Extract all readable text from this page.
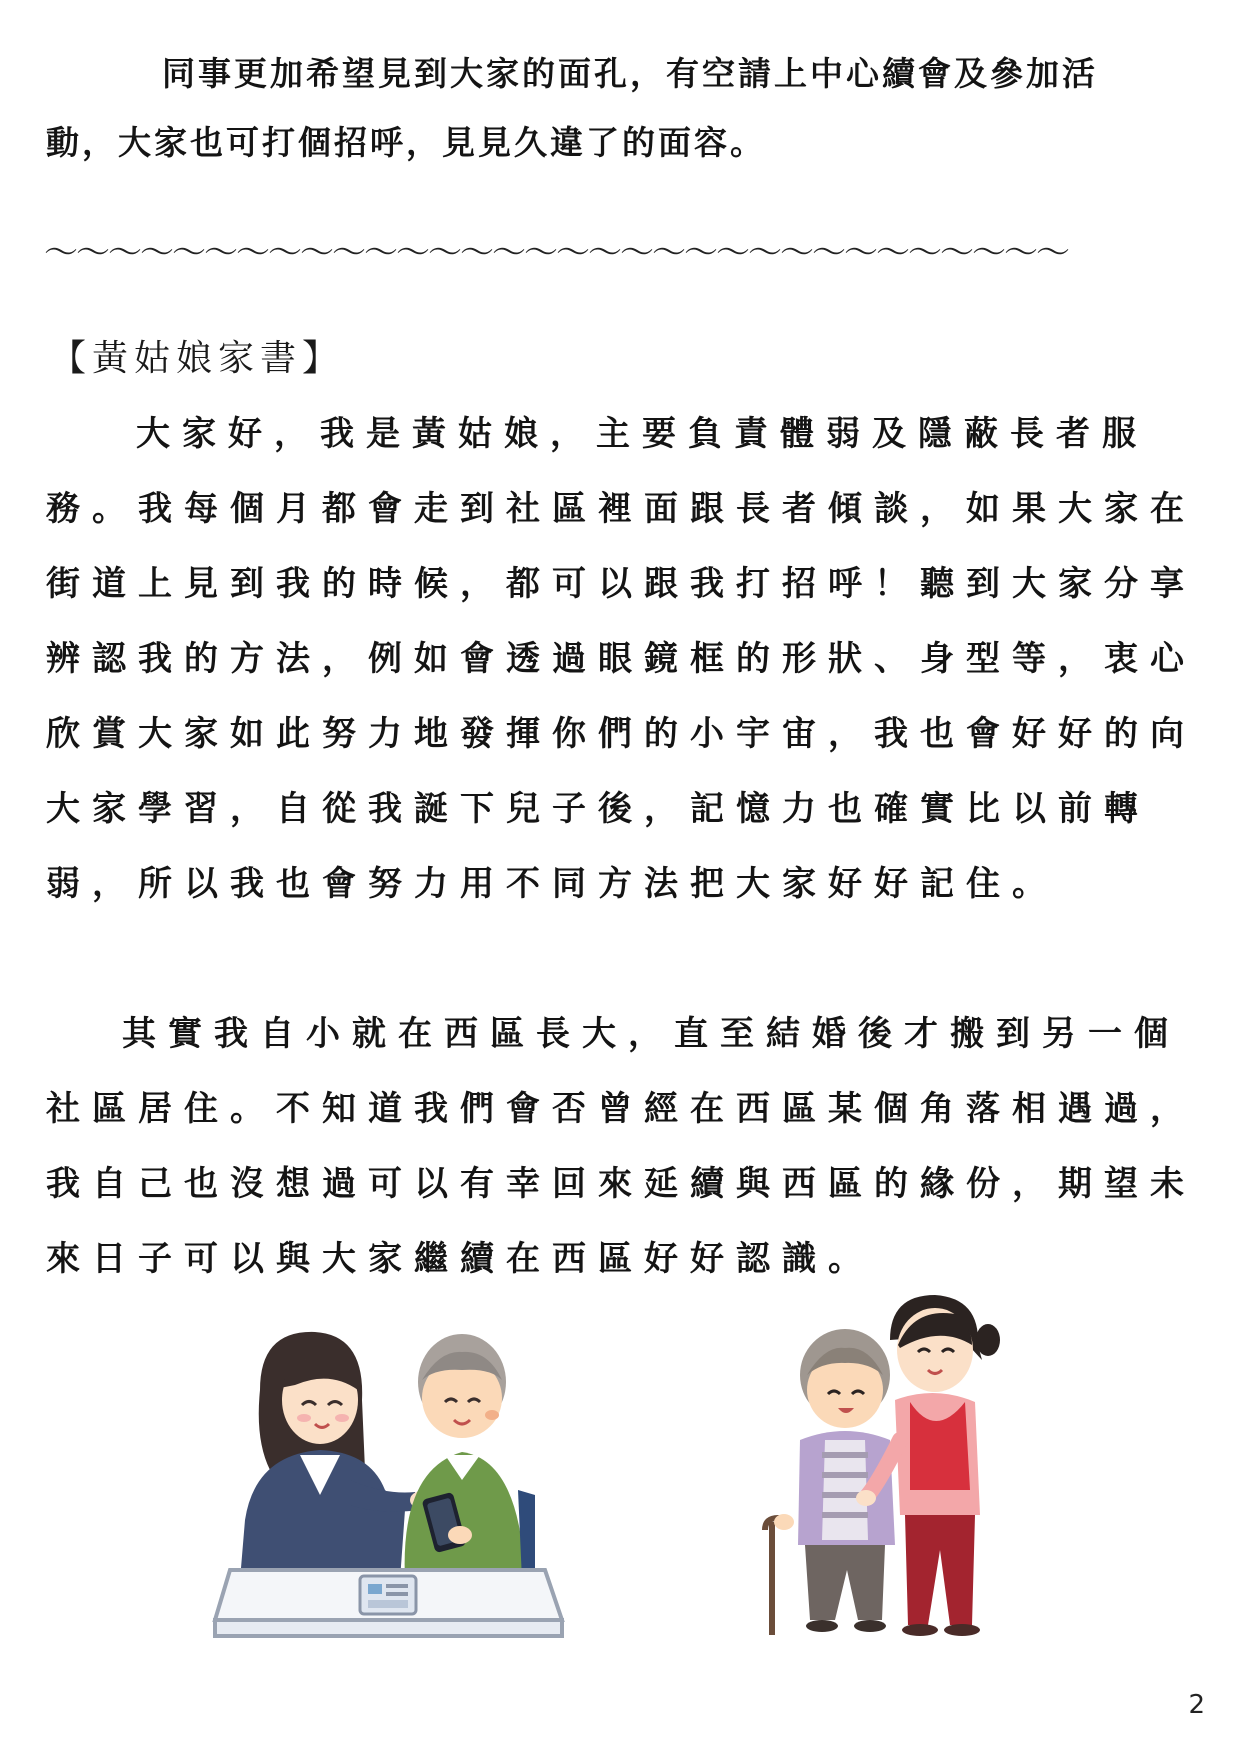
同事更加希望見到大家的面孔，有空請上中心續會及參加活
動，大家也可打個招呼，見見久違了的面容。
～～～～～～～～～～～～～～～～～～～～～～～～～～～～～～～～
【黃姑娘家書】
大家好，我是黃姑娘，主要負責體弱及隱蔽長者服
務。我每個月都會走到社區裡面跟長者傾談，如果大家在
街道上見到我的時候，都可以跟我打招呼！聽到大家分享
辨認我的方法，例如會透過眼鏡框的形狀、身型等，衷心
欣賞大家如此努力地發揮你們的小宇宙，我也會好好的向
大家學習，自從我誕下兒子後，記憶力也確實比以前轉
弱，所以我也會努力用不同方法把大家好好記住。
其實我自小就在西區長大，直至結婚後才搬到另一個
社區居住。不知道我們會否曾經在西區某個角落相遇過，
我自己也沒想過可以有幸回來延續與西區的緣份，期望未
來日子可以與大家繼續在西區好好認識。
2
